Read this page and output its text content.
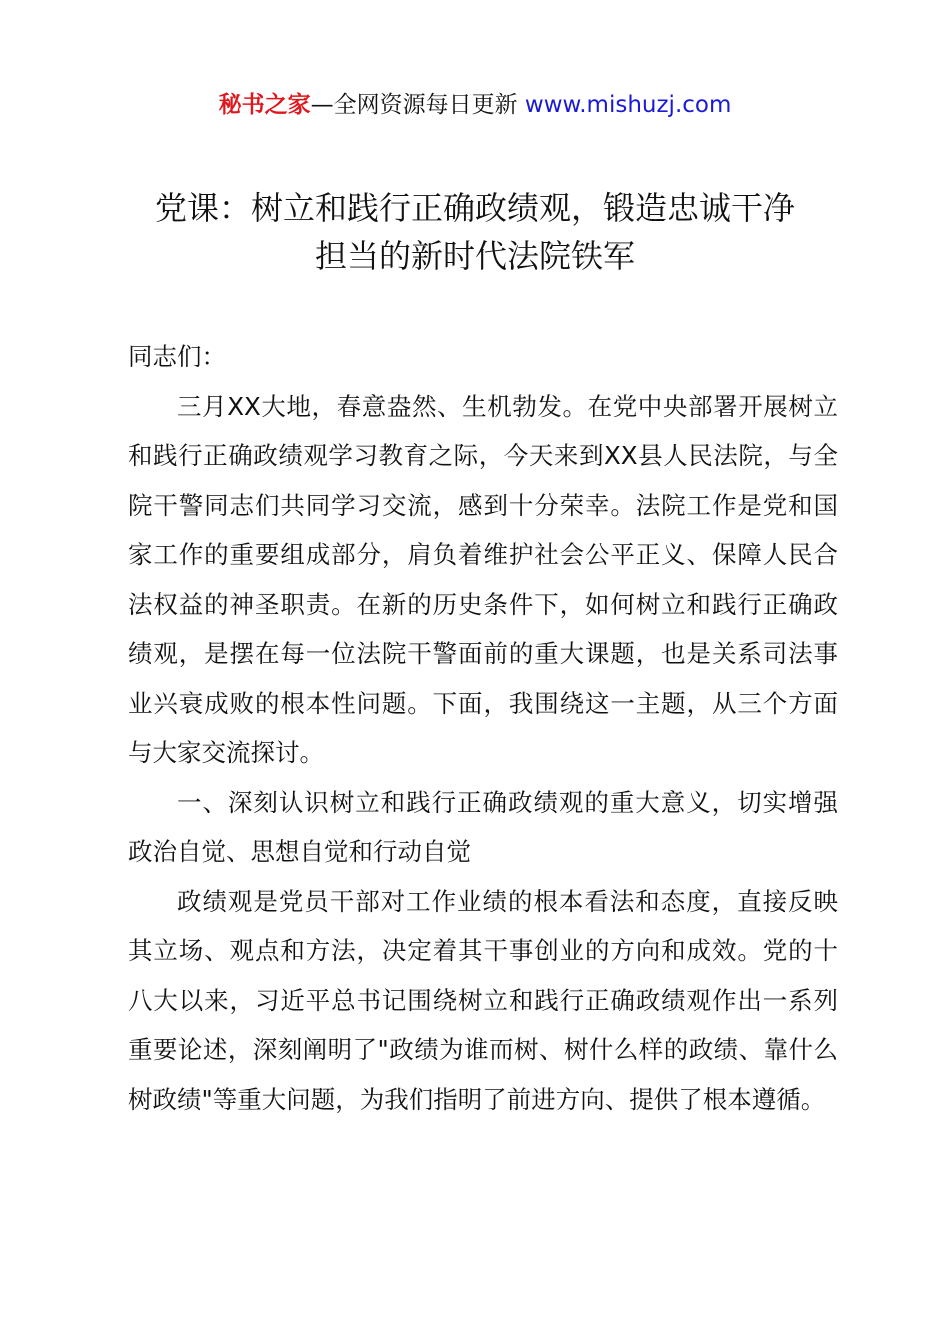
秘书之家—全网资源每日更新 www.mishuzj.com
党课：树立和践行正确政绩观，锻造忠诚干净
担当的新时代法院铁军

同志们：

三月XX大地，春意盎然、生机勃发。在党中央部署开展树立和践行正确政绩观学习教育之际，今天来到XX县人民法院，与全院干警同志们共同学习交流，感到十分荣幸。法院工作是党和国家工作的重要组成部分，肩负着维护社会公平正义、保障人民合法权益的神圣职责。在新的历史条件下，如何树立和践行正确政绩观，是摆在每一位法院干警面前的重大课题，也是关系司法事业兴衰成败的根本性问题。下面，我围绕这一主题，从三个方面与大家交流探讨。

一、深刻认识树立和践行正确政绩观的重大意义，切实增强政治自觉、思想自觉和行动自觉

政绩观是党员干部对工作业绩的根本看法和态度，直接反映其立场、观点和方法，决定着其干事创业的方向和成效。党的十八大以来，习近平总书记围绕树立和践行正确政绩观作出一系列重要论述，深刻阐明了"政绩为谁而树、树什么样的政绩、靠什么树政绩"等重大问题，为我们指明了前进方向、提供了根本遵循。
